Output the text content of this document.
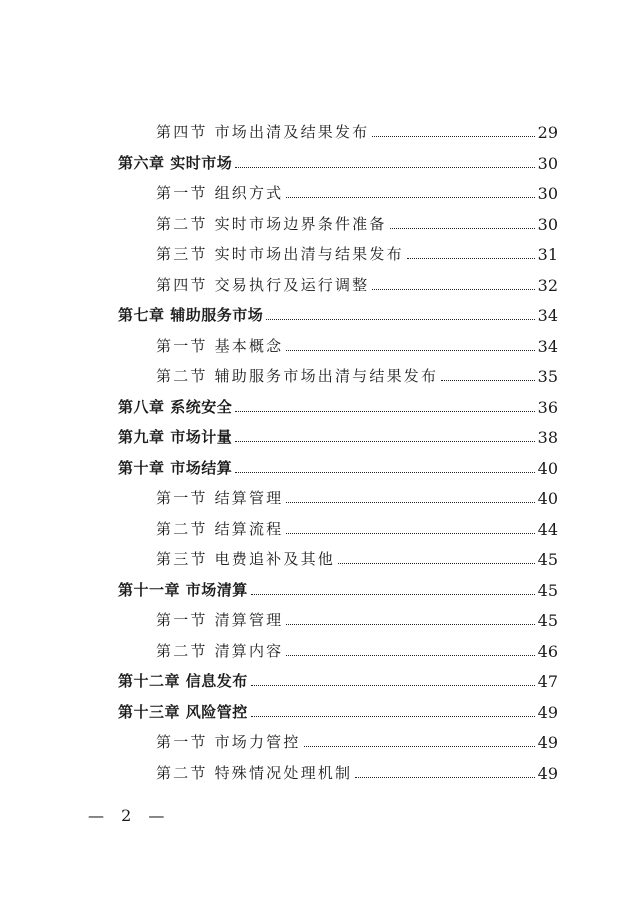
第四节 市场出清及结果发布	29
第六章 实时市场	30
第一节 组织方式	30
第二节 实时市场边界条件准备	30
第三节 实时市场出清与结果发布	31
第四节 交易执行及运行调整	32
第七章 辅助服务市场	34
第一节 基本概念	34
第二节 辅助服务市场出清与结果发布	35
第八章 系统安全	36
第九章 市场计量	38
第十章 市场结算	40
第一节 结算管理	40
第二节 结算流程	44
第三节 电费追补及其他	45
第十一章 市场清算	45
第一节 清算管理	45
第二节 清算内容	46
第十二章 信息发布	47
第十三章 风险管控	49
第一节 市场力管控	49
第二节 特殊情况处理机制	49
— 2 —
